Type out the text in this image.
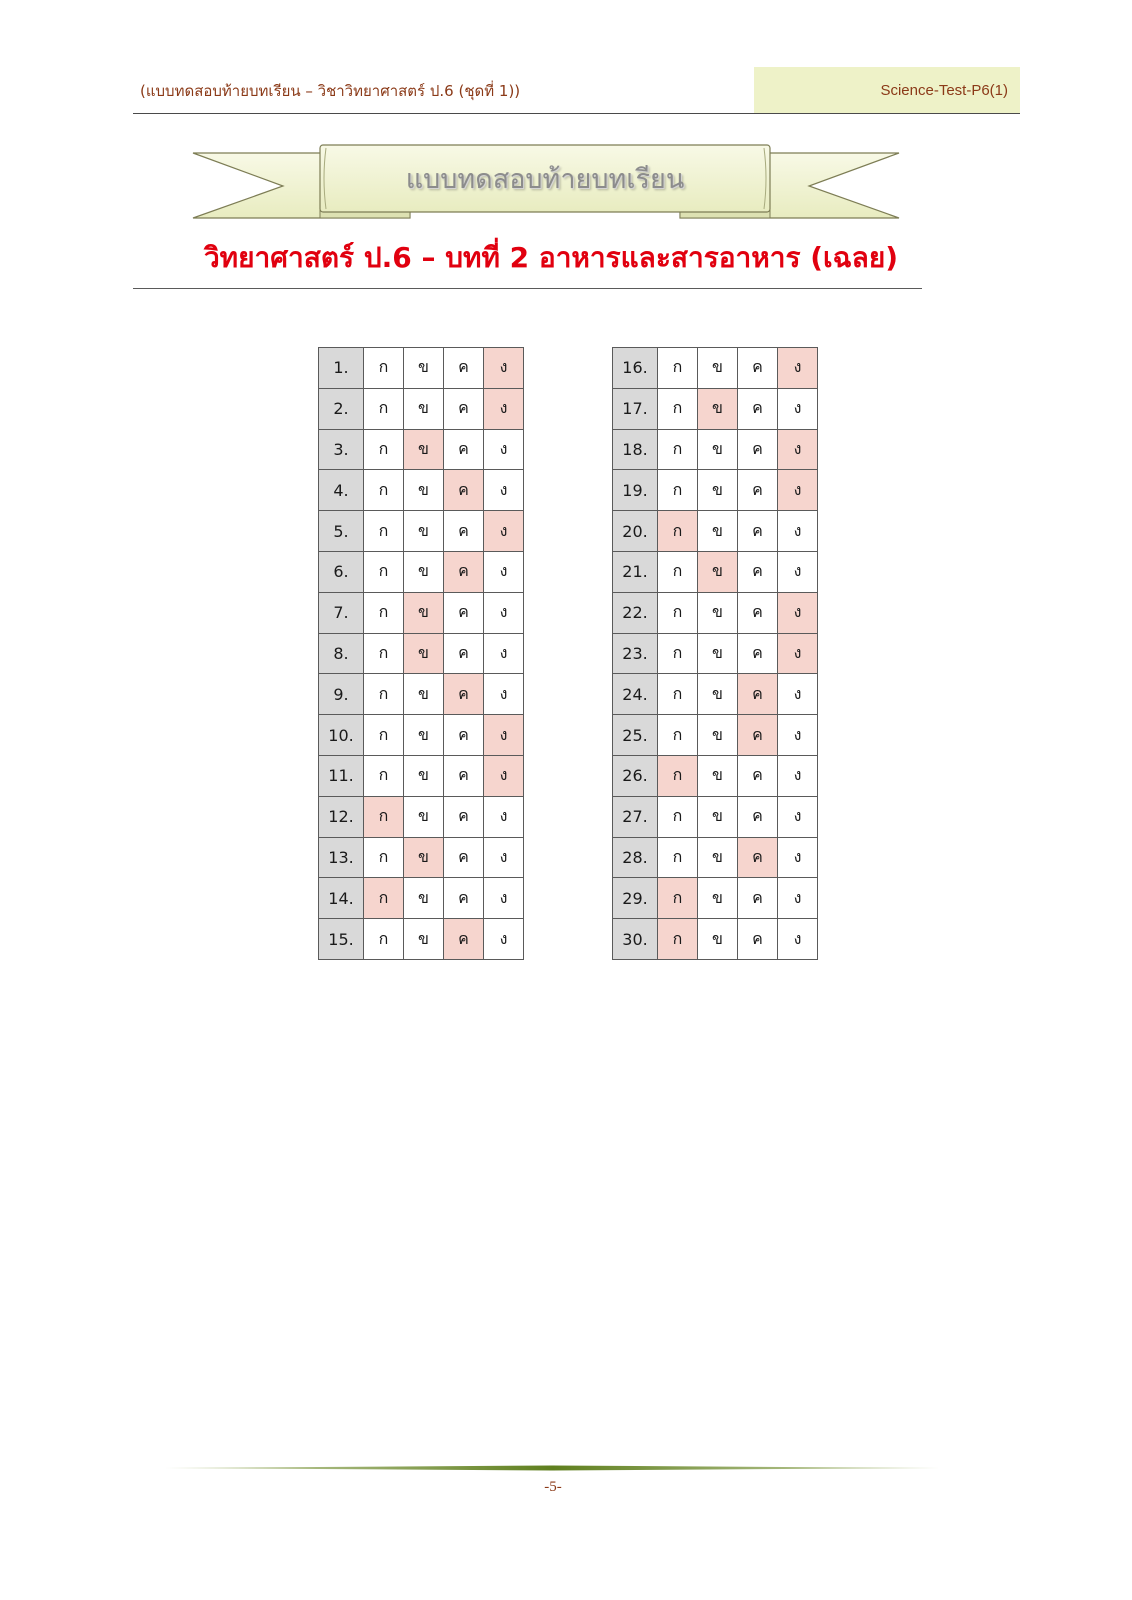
(แบบทดสอบท้ายบทเรียน – วิชาวิทยาศาสตร์ ป.6 (ชุดที่ 1))	Science-Test-P6(1)
แบบทดสอบท้ายบทเรียน
วิทยาศาสตร์ ป.6 – บทที่ 2 อาหารและสารอาหาร (เฉลย)
1.	ก	ข	ค	ง
2.	ก	ข	ค	ง
3.	ก	ข	ค	ง
4.	ก	ข	ค	ง
5.	ก	ข	ค	ง
6.	ก	ข	ค	ง
7.	ก	ข	ค	ง
8.	ก	ข	ค	ง
9.	ก	ข	ค	ง
10.	ก	ข	ค	ง
11.	ก	ข	ค	ง
12.	ก	ข	ค	ง
13.	ก	ข	ค	ง
14.	ก	ข	ค	ง
15.	ก	ข	ค	ง
16.	ก	ข	ค	ง
17.	ก	ข	ค	ง
18.	ก	ข	ค	ง
19.	ก	ข	ค	ง
20.	ก	ข	ค	ง
21.	ก	ข	ค	ง
22.	ก	ข	ค	ง
23.	ก	ข	ค	ง
24.	ก	ข	ค	ง
25.	ก	ข	ค	ง
26.	ก	ข	ค	ง
27.	ก	ข	ค	ง
28.	ก	ข	ค	ง
29.	ก	ข	ค	ง
30.	ก	ข	ค	ง
-5-
